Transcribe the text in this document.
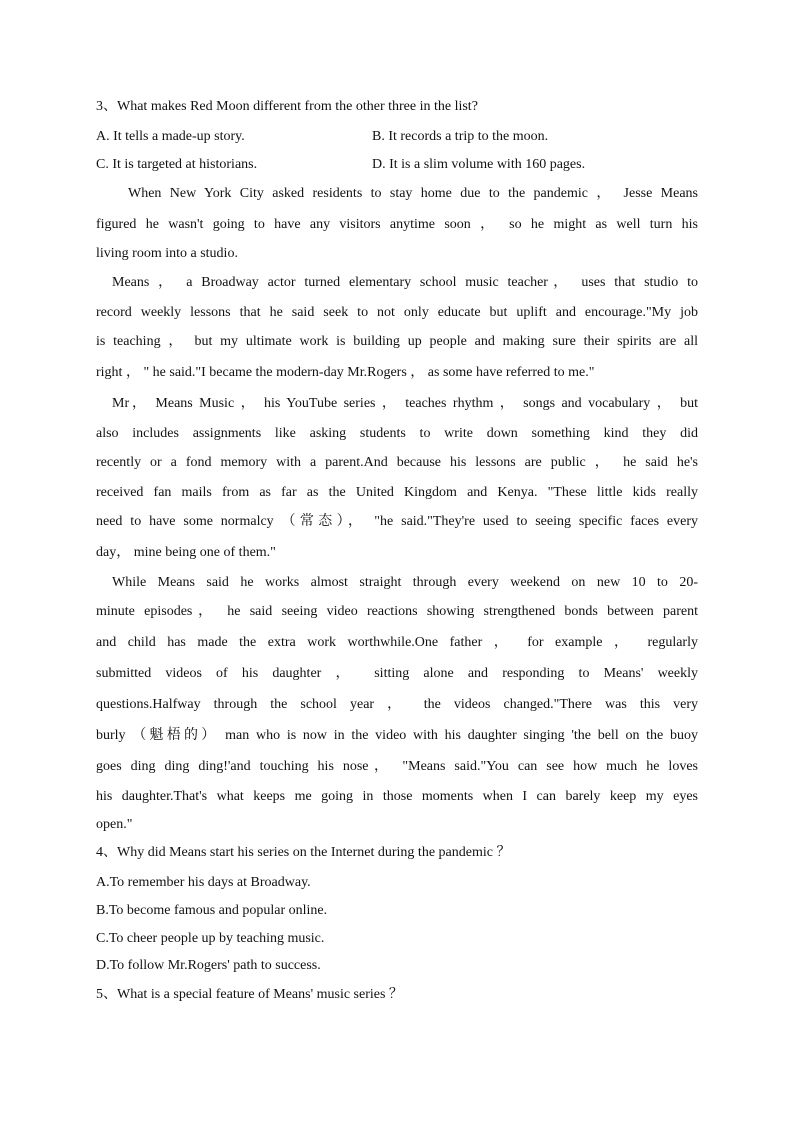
3、What makes Red Moon different from the other three in the list?
A. It tells a made-up story.	B. It records a trip to the moon.
C. It is targeted at historians.	D. It is a slim volume with 160 pages.
When New York City asked residents to stay home due to the pandemic ， Jesse Means
figured he wasn't going to have any visitors anytime soon ， so he might as well turn his
living room into a studio.
Means ， a Broadway actor turned elementary school music teacher， uses that studio to
record weekly lessons that he said seek to not only educate but uplift and encourage."My job
is teaching ， but my ultimate work is building up people and making sure their spirits are all
right ， " he said."I became the modern-day Mr.Rogers ， as some have referred to me."
Mr， Means Music ， his YouTube series ， teaches rhythm ， songs and vocabulary ， but
also includes assignments like asking students to write down something kind they did
recently or a fond memory with a parent.And because his lessons are public ， he said he's
received fan mails from as far as the United Kingdom and Kenya. "These little kids really
need to have some normalcy （常态）， "he said."They're used to seeing specific faces every
day， mine being one of them."
While Means said he works almost straight through every weekend on new 10 to 20-
minute episodes， he said seeing video reactions showing strengthened bonds between parent
and child has made the extra work worthwhile.One father ， for example ， regularly
submitted videos of his daughter ， sitting alone and responding to Means' weekly
questions.Halfway through the school year ， the videos changed."There was this very
burly （魁梧的） man who is now in the video with his daughter singing 'the bell on the buoy
goes ding ding ding!'and touching his nose， "Means said."You can see how much he loves
his daughter.That's what keeps me going in those moments when I can barely keep my eyes
open."
4、Why did Means start his series on the Internet during the pandemic ？
A.To remember his days at Broadway.
B.To become famous and popular online.
C.To cheer people up by teaching music.
D.To follow Mr.Rogers' path to success.
5、What is a special feature of Means' music series ？
